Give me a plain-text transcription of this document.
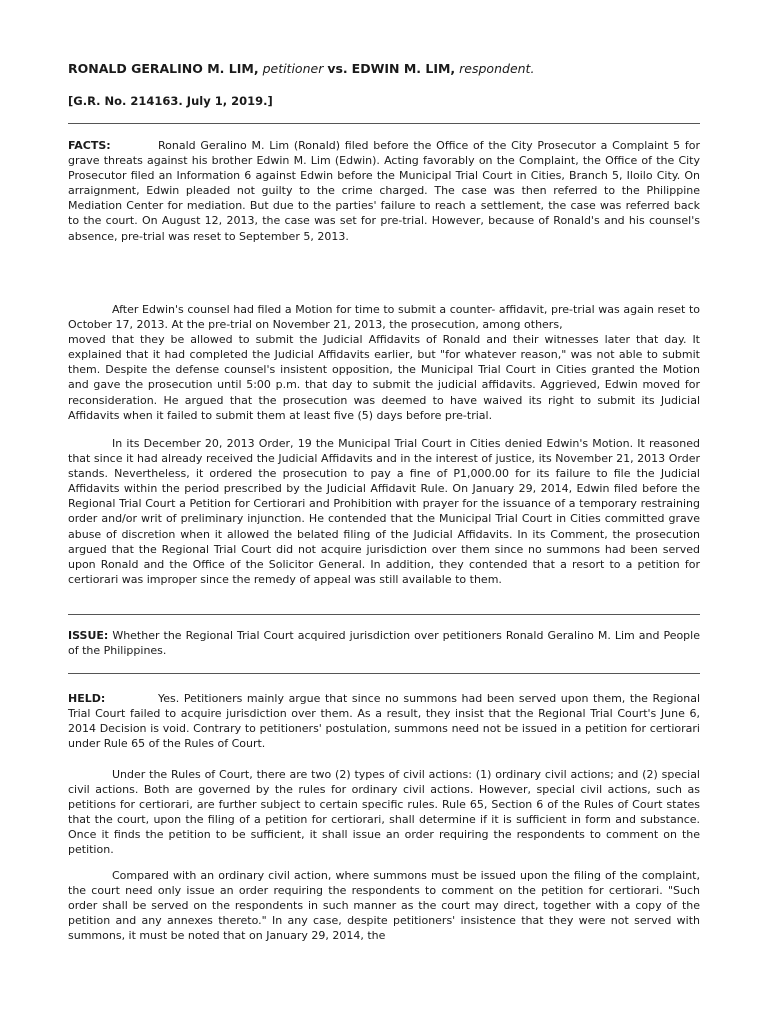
RONALD GERALINO M. LIM, petitioner vs. EDWIN M. LIM, respondent.
[G.R. No. 214163. July 1, 2019.]

FACTS:	Ronald Geralino M. Lim (Ronald) filed before the Office of the City Prosecutor a Complaint 5 for grave threats against his brother Edwin M. Lim (Edwin). Acting favorably on the Complaint, the Office of the City Prosecutor filed an Information 6 against Edwin before the Municipal Trial Court in Cities, Branch 5, Iloilo City. On arraignment, Edwin pleaded not guilty to the crime charged. The case was then referred to the Philippine Mediation Center for mediation. But due to the parties' failure to reach a settlement, the case was referred back to the court. On August 12, 2013, the case was set for pre-trial. However, because of Ronald's and his counsel's absence, pre-trial was reset to September 5, 2013.

After Edwin's counsel had filed a Motion for time to submit a counter- affidavit, pre-trial was again reset to October 17, 2013. At the pre-trial on November 21, 2013, the prosecution, among others,

moved that they be allowed to submit the Judicial Affidavits of Ronald and their witnesses later that day. It explained that it had completed the Judicial Affidavits earlier, but "for whatever reason," was not able to submit them. Despite the defense counsel's insistent opposition, the Municipal Trial Court in Cities granted the Motion and gave the prosecution until 5:00 p.m. that day to submit the judicial affidavits. Aggrieved, Edwin moved for reconsideration. He argued that the prosecution was deemed to have waived its right to submit its Judicial Affidavits when it failed to submit them at least five (5) days before pre-trial.

In its December 20, 2013 Order, 19 the Municipal Trial Court in Cities denied Edwin's Motion. It reasoned that since it had already received the Judicial Affidavits and in the interest of justice, its November 21, 2013 Order stands. Nevertheless, it ordered the prosecution to pay a fine of P1,000.00 for its failure to file the Judicial Affidavits within the period prescribed by the Judicial Affidavit Rule. On January 29, 2014, Edwin filed before the Regional Trial Court a Petition for Certiorari and Prohibition with prayer for the issuance of a temporary restraining order and/or writ of preliminary injunction. He contended that the Municipal Trial Court in Cities committed grave abuse of discretion when it allowed the belated filing of the Judicial Affidavits. In its Comment, the prosecution argued that the Regional Trial Court did not acquire jurisdiction over them since no summons had been served upon Ronald and the Office of the Solicitor General. In addition, they contended that a resort to a petition for certiorari was improper since the remedy of appeal was still available to them.

ISSUE: Whether the Regional Trial Court acquired jurisdiction over petitioners Ronald Geralino M. Lim and People of the Philippines.

HELD:	Yes. Petitioners mainly argue that since no summons had been served upon them, the Regional Trial Court failed to acquire jurisdiction over them. As a result, they insist that the Regional Trial Court's June 6, 2014 Decision is void. Contrary to petitioners' postulation, summons need not be issued in a petition for certiorari under Rule 65 of the Rules of Court.

Under the Rules of Court, there are two (2) types of civil actions: (1) ordinary civil actions; and (2) special civil actions. Both are governed by the rules for ordinary civil actions. However, special civil actions, such as petitions for certiorari, are further subject to certain specific rules. Rule 65, Section 6 of the Rules of Court states that the court, upon the filing of a petition for certiorari, shall determine if it is sufficient in form and substance. Once it finds the petition to be sufficient, it shall issue an order requiring the respondents to comment on the petition.

Compared with an ordinary civil action, where summons must be issued upon the filing of the complaint, the court need only issue an order requiring the respondents to comment on the petition for certiorari. "Such order shall be served on the respondents in such manner as the court may direct, together with a copy of the petition and any annexes thereto." In any case, despite petitioners' insistence that they were not served with summons, it must be noted that on January 29, 2014, the
